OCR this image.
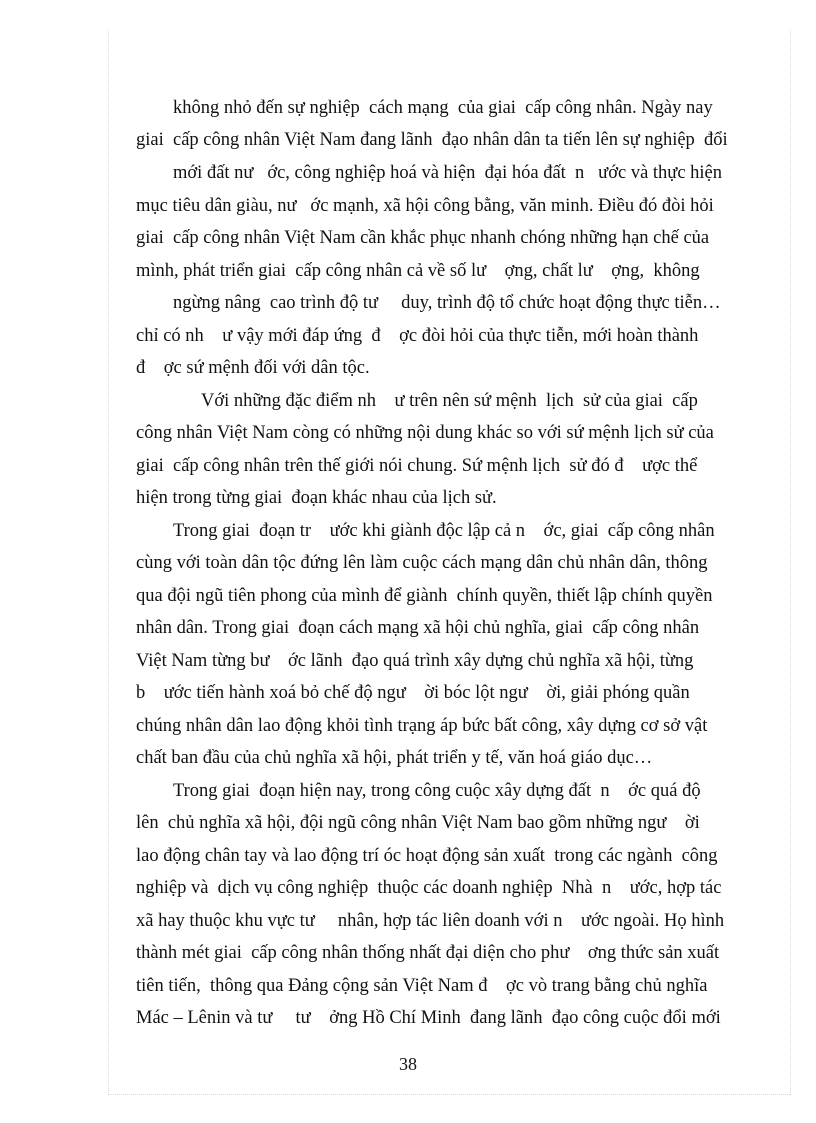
không nhỏ đến sự nghiệp  cách mạng  của giai  cấp công nhân. Ngày nay
giai  cấp công nhân Việt Nam đang lãnh  đạo nhân dân ta tiến lên sự nghiệp  đổi
mới đất nư   ớc, công nghiệp hoá và hiện  đại hóa đất  n   ước và thực hiện
mục tiêu dân giàu, nư   ớc mạnh, xã hội công bằng, văn minh. Điều đó đòi hỏi
giai  cấp công nhân Việt Nam cần khắc phục nhanh chóng những hạn chế của
mình, phát triển giai  cấp công nhân cả về số lư    ợng, chất lư    ợng,  không
ngừng nâng  cao trình độ tư     duy, trình độ tổ chức hoạt động thực tiễn…
chỉ có nh    ư vậy mới đáp ứng  đ    ợc đòi hỏi của thực tiễn, mới hoàn thành
đ    ợc sứ mệnh đối với dân tộc.
Với những đặc điểm nh    ư trên nên sứ mệnh  lịch  sử của giai  cấp
công nhân Việt Nam còng có những nội dung khác so với sứ mệnh lịch sử của
giai  cấp công nhân trên thế giới nói chung. Sứ mệnh lịch  sử đó đ    ược thể
hiện trong từng giai  đoạn khác nhau của lịch sử.
Trong giai  đoạn tr    ước khi giành độc lập cả n    ớc, giai  cấp công nhân
cùng với toàn dân tộc đứng lên làm cuộc cách mạng dân chủ nhân dân, thông
qua đội ngũ tiên phong của mình để giành  chính quyền, thiết lập chính quyền
nhân dân. Trong giai  đoạn cách mạng xã hội chủ nghĩa, giai  cấp công nhân
Việt Nam từng bư    ớc lãnh  đạo quá trình xây dựng chủ nghĩa xã hội, từng
b    ước tiến hành xoá bỏ chế độ ngư    ời bóc lột ngư    ời, giải phóng quần
chúng nhân dân lao động khỏi tình trạng áp bức bất công, xây dựng cơ sở vật
chất ban đầu của chủ nghĩa xã hội, phát triển y tế, văn hoá giáo dục…
Trong giai  đoạn hiện nay, trong công cuộc xây dựng đất  n    ớc quá độ
lên  chủ nghĩa xã hội, đội ngũ công nhân Việt Nam bao gồm những ngư    ời
lao động chân tay và lao động trí óc hoạt động sản xuất  trong các ngành  công
nghiệp và  dịch vụ công nghiệp  thuộc các doanh nghiệp  Nhà  n    ước, hợp tác
xã hay thuộc khu vực tư     nhân, hợp tác liên doanh với n    ước ngoài. Họ hình
thành mét giai  cấp công nhân thống nhất đại diện cho phư    ơng thức sản xuất
tiên tiến,  thông qua Đảng cộng sản Việt Nam đ    ợc vò trang bằng chủ nghĩa
Mác – Lênin và tư     tư    ởng Hồ Chí Minh  đang lãnh  đạo công cuộc đổi mới
38
